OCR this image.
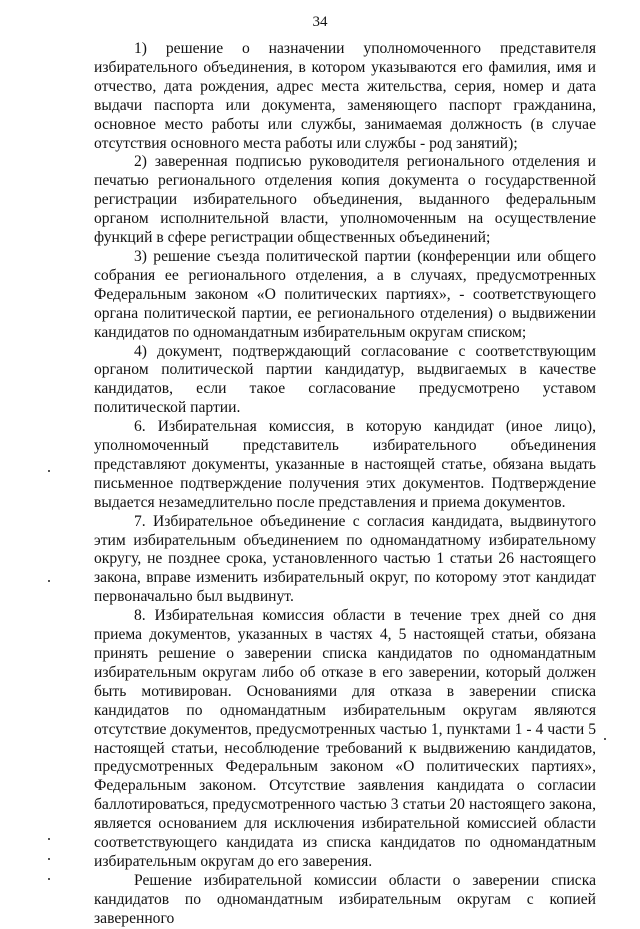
34

1) решение о назначении уполномоченного представителя избирательного объединения, в котором указываются его фамилия, имя и отчество, дата рождения, адрес места жительства, серия, номер и дата выдачи паспорта или документа, заменяющего паспорт гражданина, основное место работы или службы, занимаемая должность (в случае отсутствия основного места работы или службы - род занятий);

2) заверенная подписью руководителя регионального отделения и печатью регионального отделения копия документа о государственной регистрации избирательного объединения, выданного федеральным органом исполнительной власти, уполномоченным на осуществление функций в сфере регистрации общественных объединений;

3) решение съезда политической партии (конференции или общего собрания ее регионального отделения, а в случаях, предусмотренных Федеральным законом «О политических партиях», - соответствующего органа политической партии, ее регионального отделения) о выдвижении кандидатов по одномандатным избирательным округам списком;

4) документ, подтверждающий согласование с соответствующим органом политической партии кандидатур, выдвигаемых в качестве кандидатов, если такое согласование предусмотрено уставом политической партии.

6. Избирательная комиссия, в которую кандидат (иное лицо), уполномоченный представитель избирательного объединения представляют документы, указанные в настоящей статье, обязана выдать письменное подтверждение получения этих документов. Подтверждение выдается незамедлительно после представления и приема документов.

7. Избирательное объединение с согласия кандидата, выдвинутого этим избирательным объединением по одномандатному избирательному округу, не позднее срока, установленного частью 1 статьи 26 настоящего закона, вправе изменить избирательный округ, по которому этот кандидат первоначально был выдвинут.

8. Избирательная комиссия области в течение трех дней со дня приема документов, указанных в частях 4, 5 настоящей статьи, обязана принять решение о заверении списка кандидатов по одномандатным избирательным округам либо об отказе в его заверении, который должен быть мотивирован. Основаниями для отказа в заверении списка кандидатов по одномандатным избирательным округам являются отсутствие документов, предусмотренных частью 1, пунктами 1 - 4 части 5 настоящей статьи, несоблюдение требований к выдвижению кандидатов, предусмотренных Федеральным законом «О политических партиях», Федеральным законом. Отсутствие заявления кандидата о согласии баллотироваться, предусмотренного частью 3 статьи 20 настоящего закона, является основанием для исключения избирательной комиссией области соответствующего кандидата из списка кандидатов по одномандатным избирательным округам до его заверения.

Решение избирательной комиссии области о заверении списка кандидатов по одномандатным избирательным округам с копией заверенного
